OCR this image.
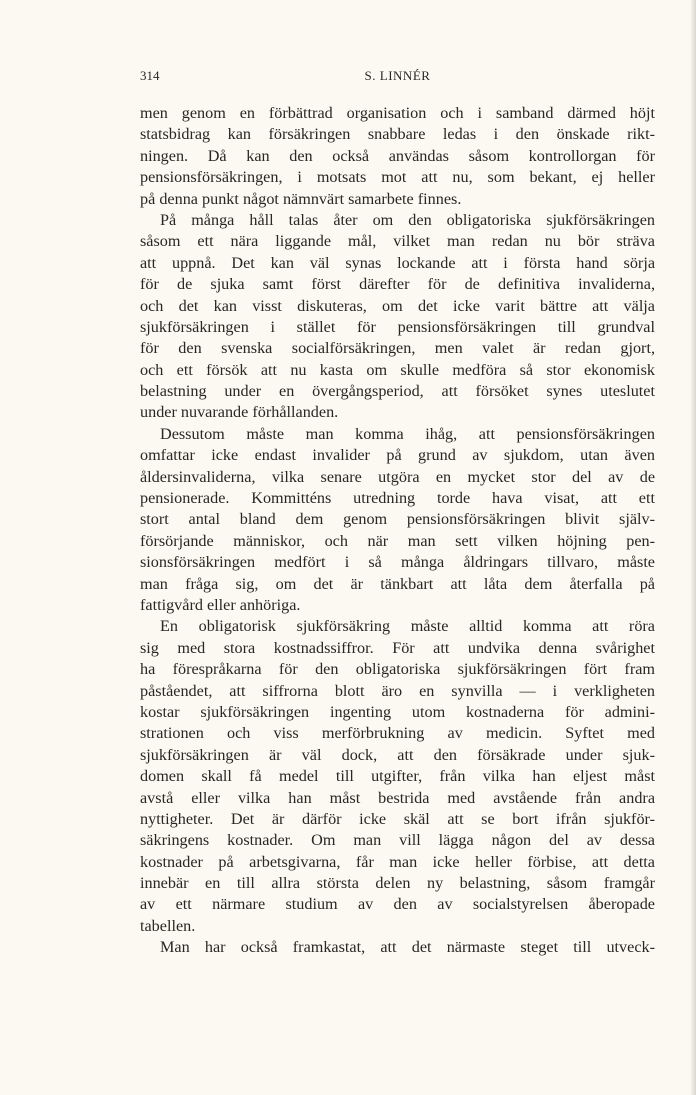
314	S. LINNÉR
men genom en förbättrad organisation och i samband därmed höjt
statsbidrag kan försäkringen snabbare ledas i den önskade rikt-
ningen. Då kan den också användas såsom kontrollorgan för
pensionsförsäkringen, i motsats mot att nu, som bekant, ej heller
på denna punkt något nämnvärt samarbete finnes.
På många håll talas åter om den obligatoriska sjukförsäkringen
såsom ett nära liggande mål, vilket man redan nu bör sträva
att uppnå. Det kan väl synas lockande att i första hand sörja
för de sjuka samt först därefter för de definitiva invaliderna,
och det kan visst diskuteras, om det icke varit bättre att välja
sjukförsäkringen i stället för pensionsförsäkringen till grundval
för den svenska socialförsäkringen, men valet är redan gjort,
och ett försök att nu kasta om skulle medföra så stor ekonomisk
belastning under en övergångsperiod, att försöket synes uteslutet
under nuvarande förhållanden.
Dessutom måste man komma ihåg, att pensionsförsäkringen
omfattar icke endast invalider på grund av sjukdom, utan även
åldersinvaliderna, vilka senare utgöra en mycket stor del av de
pensionerade. Kommitténs utredning torde hava visat, att ett
stort antal bland dem genom pensionsförsäkringen blivit själv-
försörjande människor, och när man sett vilken höjning pen-
sionsförsäkringen medfört i så många åldringars tillvaro, måste
man fråga sig, om det är tänkbart att låta dem återfalla på
fattigvård eller anhöriga.
En obligatorisk sjukförsäkring måste alltid komma att röra
sig med stora kostnadssiffror. För att undvika denna svårighet
ha förespråkarna för den obligatoriska sjukförsäkringen fört fram
påståendet, att siffrorna blott äro en synvilla — i verkligheten
kostar sjukförsäkringen ingenting utom kostnaderna för admini-
strationen och viss merförbrukning av medicin. Syftet med
sjukförsäkringen är väl dock, att den försäkrade under sjuk-
domen skall få medel till utgifter, från vilka han eljest måst
avstå eller vilka han måst bestrida med avstående från andra
nyttigheter. Det är därför icke skäl att se bort ifrån sjukför-
säkringens kostnader. Om man vill lägga någon del av dessa
kostnader på arbetsgivarna, får man icke heller förbise, att detta
innebär en till allra största delen ny belastning, såsom framgår
av ett närmare studium av den av socialstyrelsen åberopade
tabellen.
Man har också framkastat, att det närmaste steget till utveck-
